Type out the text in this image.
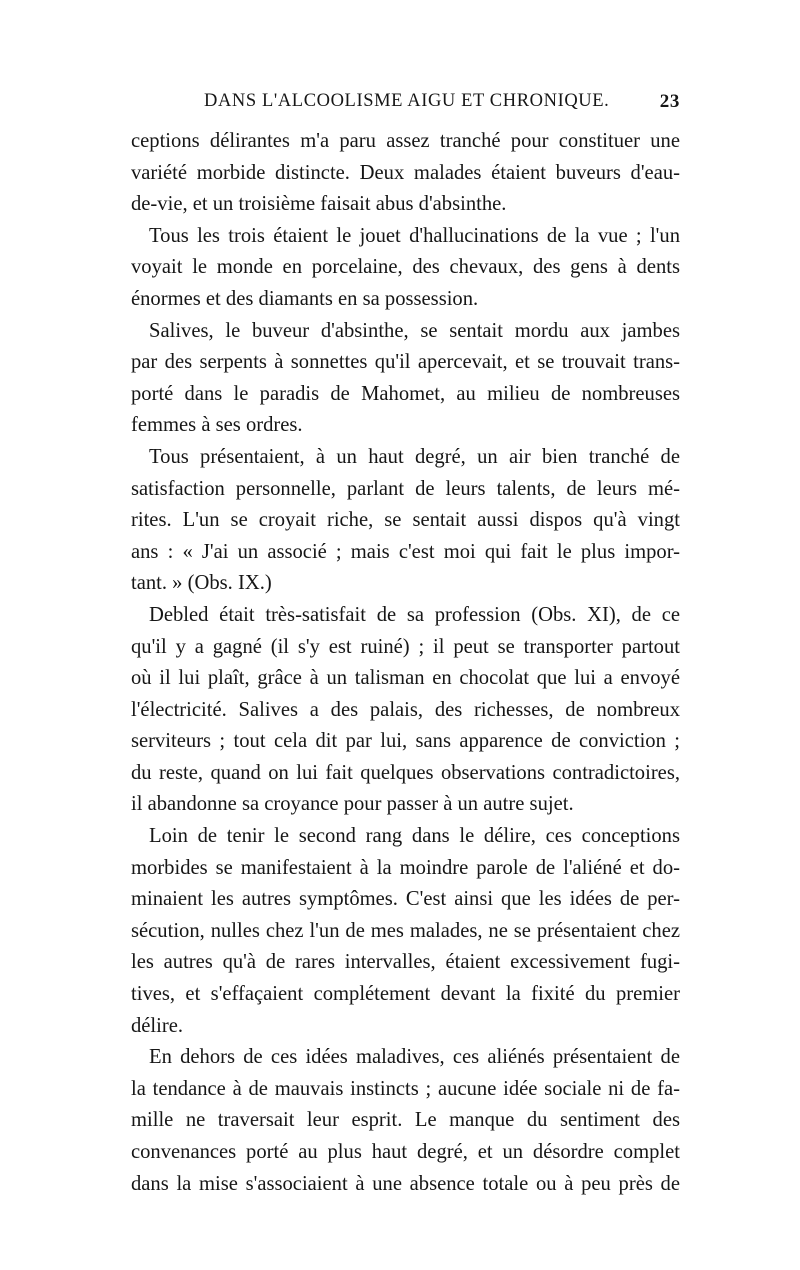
DANS L'ALCOOLISME AIGU ET CHRONIQUE.	23
ceptions délirantes m'a paru assez tranché pour constituer une
variété morbide distincte. Deux malades étaient buveurs d'eau-
de-vie, et un troisième faisait abus d'absinthe.
Tous les trois étaient le jouet d'hallucinations de la vue ; l'un
voyait le monde en porcelaine, des chevaux, des gens à dents
énormes et des diamants en sa possession.
Salives, le buveur d'absinthe, se sentait mordu aux jambes
par des serpents à sonnettes qu'il apercevait, et se trouvait trans-
porté dans le paradis de Mahomet, au milieu de nombreuses
femmes à ses ordres.
Tous présentaient, à un haut degré, un air bien tranché de
satisfaction personnelle, parlant de leurs talents, de leurs mé-
rites. L'un se croyait riche, se sentait aussi dispos qu'à vingt
ans : « J'ai un associé ; mais c'est moi qui fait le plus impor-
tant. » (Obs. IX.)
Debled était très-satisfait de sa profession (Obs. XI), de ce
qu'il y a gagné (il s'y est ruiné) ; il peut se transporter partout
où il lui plaît, grâce à un talisman en chocolat que lui a envoyé
l'électricité. Salives a des palais, des richesses, de nombreux
serviteurs ; tout cela dit par lui, sans apparence de conviction ;
du reste, quand on lui fait quelques observations contradictoires,
il abandonne sa croyance pour passer à un autre sujet.
Loin de tenir le second rang dans le délire, ces conceptions
morbides se manifestaient à la moindre parole de l'aliéné et do-
minaient les autres symptômes. C'est ainsi que les idées de per-
sécution, nulles chez l'un de mes malades, ne se présentaient chez
les autres qu'à de rares intervalles, étaient excessivement fugi-
tives, et s'effaçaient complétement devant la fixité du premier
délire.
En dehors de ces idées maladives, ces aliénés présentaient de
la tendance à de mauvais instincts ; aucune idée sociale ni de fa-
mille ne traversait leur esprit. Le manque du sentiment des
convenances porté au plus haut degré, et un désordre complet
dans la mise s'associaient à une absence totale ou à peu près de
